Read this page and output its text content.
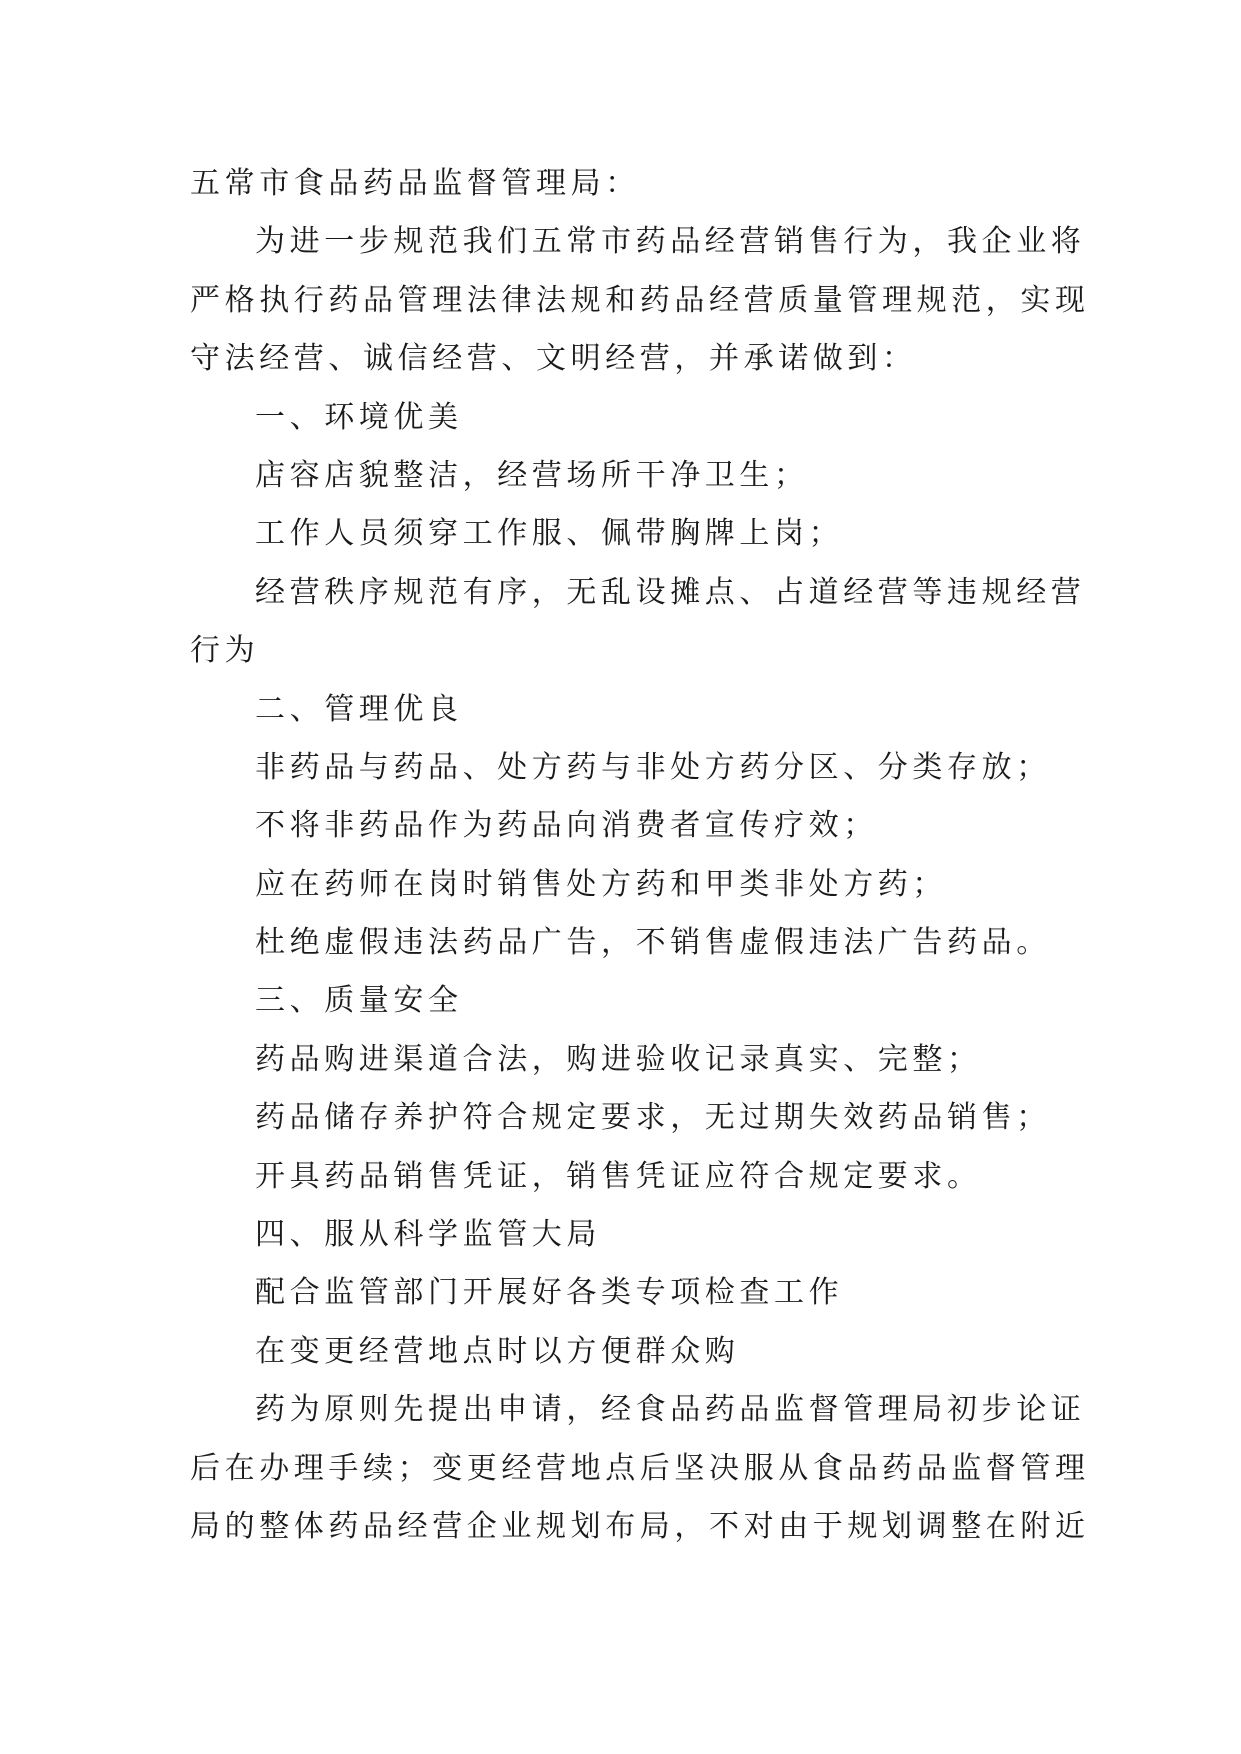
五常市食品药品监督管理局：
为进一步规范我们五常市药品经营销售行为，我企业将
严格执行药品管理法律法规和药品经营质量管理规范，实现
守法经营、诚信经营、文明经营，并承诺做到：
一、环境优美
店容店貌整洁，经营场所干净卫生；
工作人员须穿工作服、佩带胸牌上岗；
经营秩序规范有序，无乱设摊点、占道经营等违规经营
行为
二、管理优良
非药品与药品、处方药与非处方药分区、分类存放；
不将非药品作为药品向消费者宣传疗效；
应在药师在岗时销售处方药和甲类非处方药；
杜绝虚假违法药品广告，不销售虚假违法广告药品。
三、质量安全
药品购进渠道合法，购进验收记录真实、完整；
药品储存养护符合规定要求，无过期失效药品销售；
开具药品销售凭证，销售凭证应符合规定要求。
四、服从科学监管大局
配合监管部门开展好各类专项检查工作
在变更经营地点时以方便群众购
药为原则先提出申请，经食品药品监督管理局初步论证
后在办理手续；变更经营地点后坚决服从食品药品监督管理
局的整体药品经营企业规划布局，不对由于规划调整在附近
